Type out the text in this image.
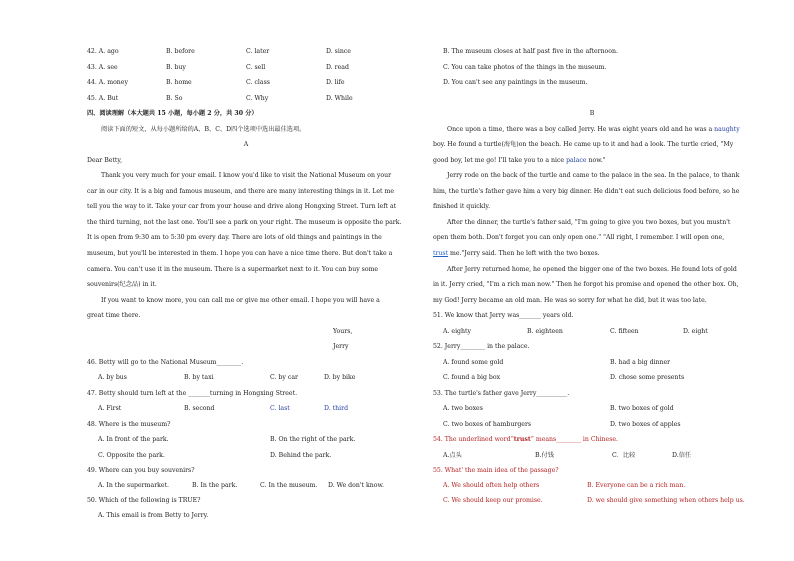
42. A. ago	B. before	C. later	D. since
43. A. see	B. buy	C. sell	D. read
44. A. money	B. home	C. class	D. life
45. A. But	B. So	C. Why	D. While
四、阅读理解（本大题共 15 小题，每小题 2 分，共 30 分）
阅读下面的短文，从每小题所给的A、B、C、D四个选项中选出最佳选项。
A
Dear Betty,
Thank you very much for your email. I know you'd like to visit the National Museum on your
car in our city. It is a big and famous museum, and there are many interesting things in it. Let me
tell you the way to it. Take your car from your house and drive along Hongxing Street. Turn left at
the third turning, not the last one. You'll see a park on your right. The museum is opposite the park.
It is open from 9:30 am to 5:30 pm every day. There are lots of old things and paintings in the
museum, but you'll be interested in them. I hope you can have a nice time there. But don't take a
camera. You can't use it in the museum. There is a supermarket next to it. You can buy some
souvenirs(纪念品) in it.
If you want to know more, you can call me or give me other email. I hope you will have a
great time there.
Yours,
Jerry
46. Betty will go to the National Museum________.
A. by bus	B. by taxi	C. by car	D. by bike
47. Betty should turn left at the _______turning in Hongxing Street.
A. First	B. second	C. last	D. third
48. Where is the museum?
A. In front of the park.	B. On the right of the park.
C. Opposite the park.	D. Behind the park.
49. Where can you buy souvenirs?
A. In the supermarket.	B. In the park.	C. In the museum. D. We don't know.
50. Which of the following is TRUE?
A. This email is from Betty to Jerry.
B. The museum closes at half past five in the afternoon.
C. You can take photos of the things in the museum.
D. You can't see any paintings in the museum.
B
Once upon a time, there was a boy called Jerry. He was eight years old and he was a naughty
boy. He found a turtle(海龟)on the beach. He came up to it and had a look. The turtle cried, "My
good boy, let me go! I'll take you to a nice palace now."
Jerry rode on the back of the turtle and came to the palace in the sea. In the palace, to thank
him, the turtle's father gave him a very big dinner. He didn't eat such delicious food before, so he
finished it quickly.
After the dinner, the turtle's father said, "I'm going to give you two boxes, but you mustn't
open them both. Don't forget you can only open one." "All right, I remember. I will open one,
trust me."Jerry said. Then he left with the two boxes.
After Jerry returned home, he opened the bigger one of the two boxes. He found lots of gold
in it. Jerry cried, "I'm a rich man now." Then he forgot his promise and opened the other box. Oh,
my God! Jerry became an old man. He was so sorry for what he did, but it was too late.
51. We know that Jerry was_______ years old.
A. eighty	B. eighteen	C. fifteen	D. eight
52. Jerry________ in the palace.
A. found some gold	B. had a big dinner
C. found a big box	D. chose some presents
53. The turtle's father gave Jerry__________.
A. two boxes	B. two boxes of gold
C. two boxes of hamburgers	D. two boxes of apples
54. The underlined word“trust” means________ in Chinese.
A.点头	B.付钱	C．比较	D.信任
55. What' the main idea of the passage?
A. We should often help others	B. Everyone can be a rich man.
C. We should keep our promise.	D. we should give something when others help us.
